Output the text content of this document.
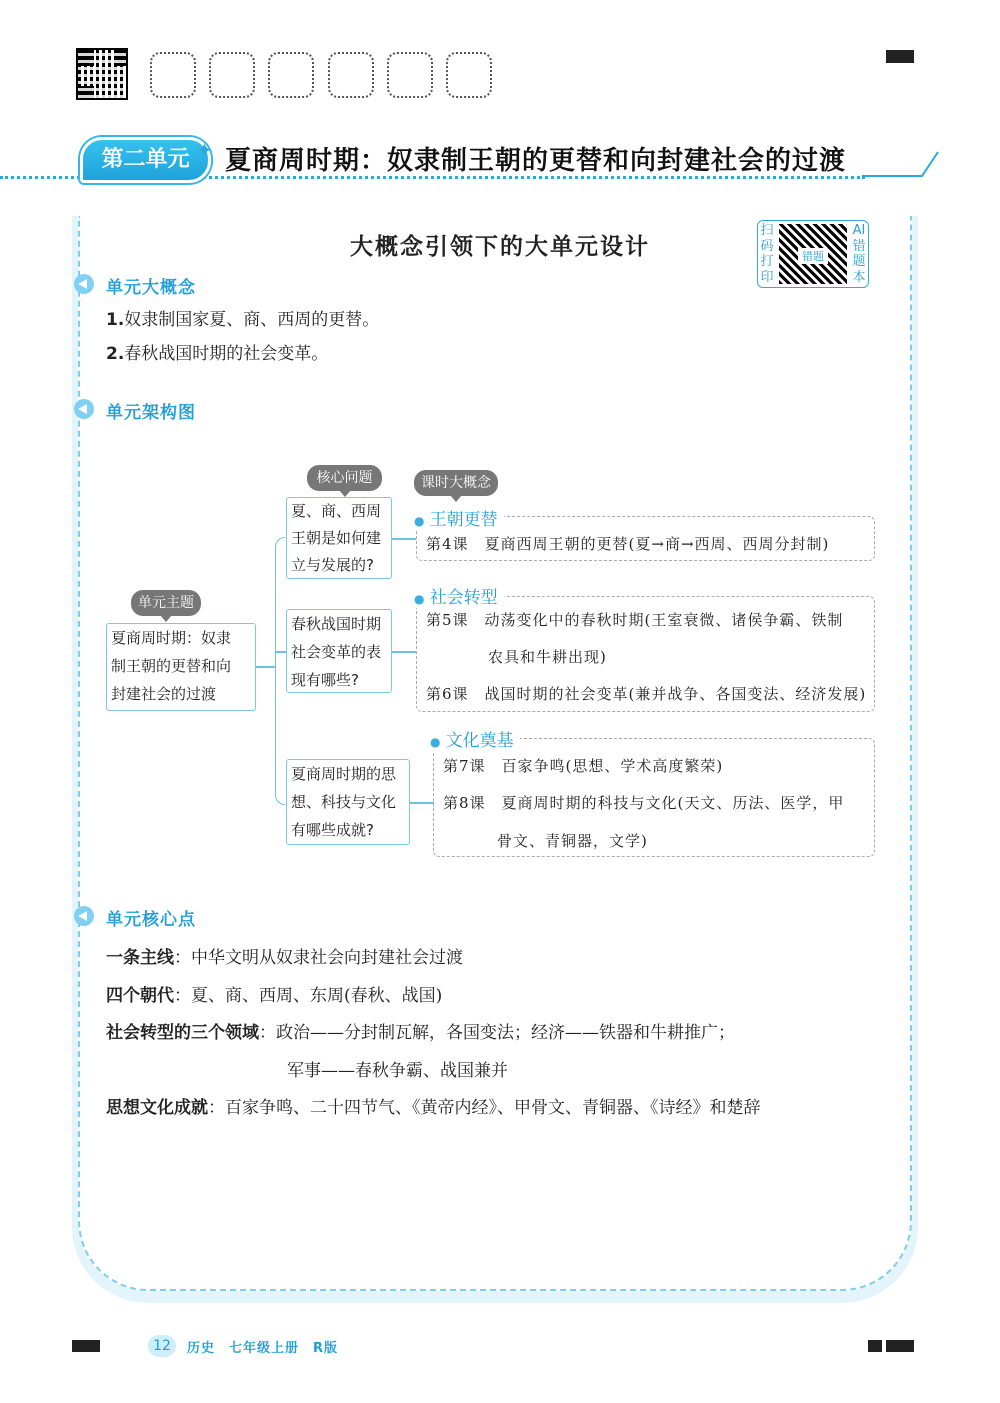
第二单元 ✦ 夏商周时期：奴隶制王朝的更替和向封建社会的过渡
大概念引领下的大单元设计
扫码打印
错题
AI错题本
单元大概念
1.奴隶制国家夏、商、西周的更替。
2.春秋战国时期的社会变革。
单元架构图
单元主题
夏商周时期：奴隶
制王朝的更替和向
封建社会的过渡
核心问题
夏、商、西周
王朝是如何建
立与发展的?
春秋战国时期
社会变革的表
现有哪些?
夏商周时期的思
想、科技与文化
有哪些成就?
课时大概念
● 王朝更替
第4课　夏商西周王朝的更替(夏→商→西周、西周分封制)
● 社会转型
第5课　动荡变化中的春秋时期(王室衰微、诸侯争霸、铁制
农具和牛耕出现)
第6课　战国时期的社会变革(兼并战争、各国变法、经济发展)
● 文化奠基
第7课　百家争鸣(思想、学术高度繁荣)
第8课　夏商周时期的科技与文化(天文、历法、医学，甲
骨文、青铜器，文学)
单元核心点
一条主线：中华文明从奴隶社会向封建社会过渡
四个朝代：夏、商、西周、东周(春秋、战国)
社会转型的三个领域：政治——分封制瓦解，各国变法；经济——铁器和牛耕推广；
军事——春秋争霸、战国兼并
思想文化成就：百家争鸣、二十四节气、《黄帝内经》、甲骨文、青铜器、《诗经》和楚辞
12	历史　七年级上册　R版
